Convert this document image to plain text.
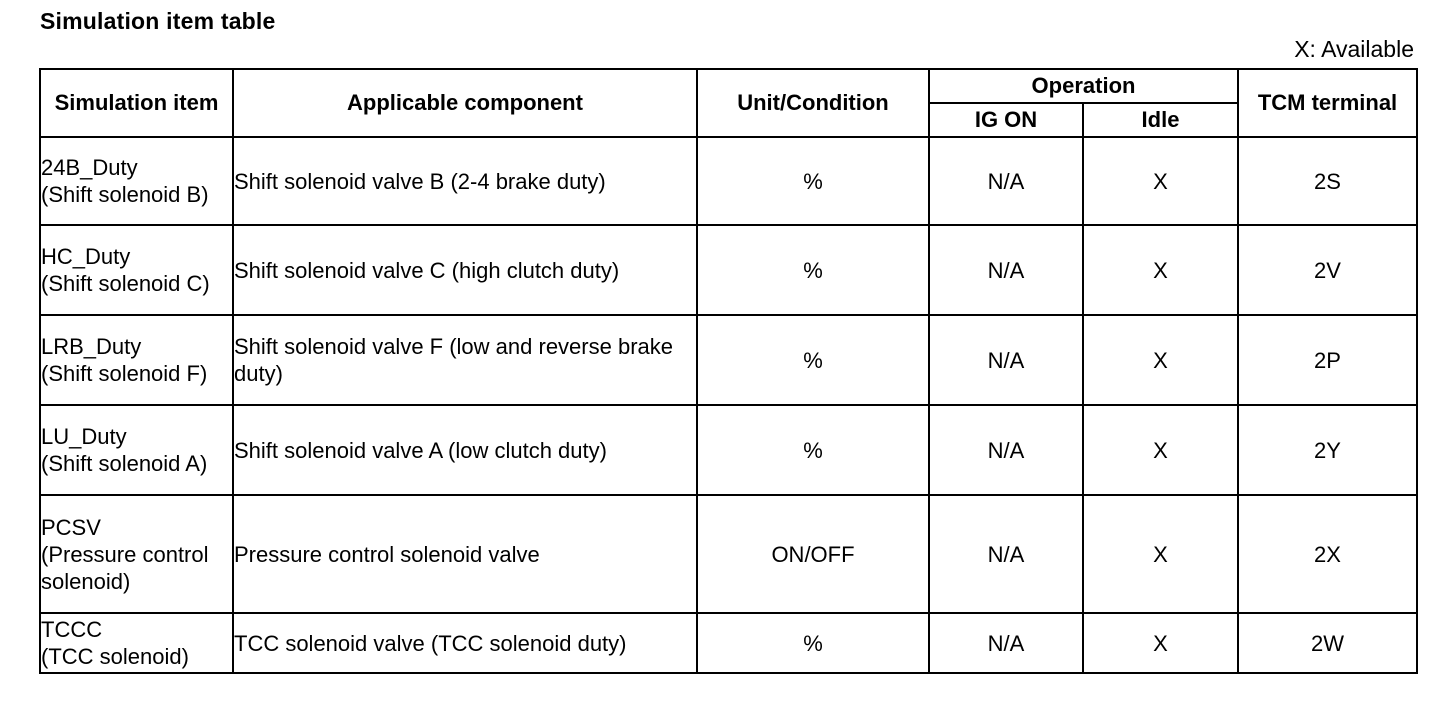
Simulation item table
X: Available
Simulation item	Applicable component	Unit/Condition	Operation		TCM terminal
			IG ON	Idle	
24B_Duty
(Shift solenoid B)	Shift solenoid valve B (2-4 brake duty)	%	N/A	X	2S
HC_Duty
(Shift solenoid C)	Shift solenoid valve C (high clutch duty)	%	N/A	X	2V
LRB_Duty
(Shift solenoid F)	Shift solenoid valve F (low and reverse brake duty)	%	N/A	X	2P
LU_Duty
(Shift solenoid A)	Shift solenoid valve A (low clutch duty)	%	N/A	X	2Y
PCSV
(Pressure control solenoid)	Pressure control solenoid valve	ON/OFF	N/A	X	2X
TCCC
(TCC solenoid)	TCC solenoid valve (TCC solenoid duty)	%	N/A	X	2W
